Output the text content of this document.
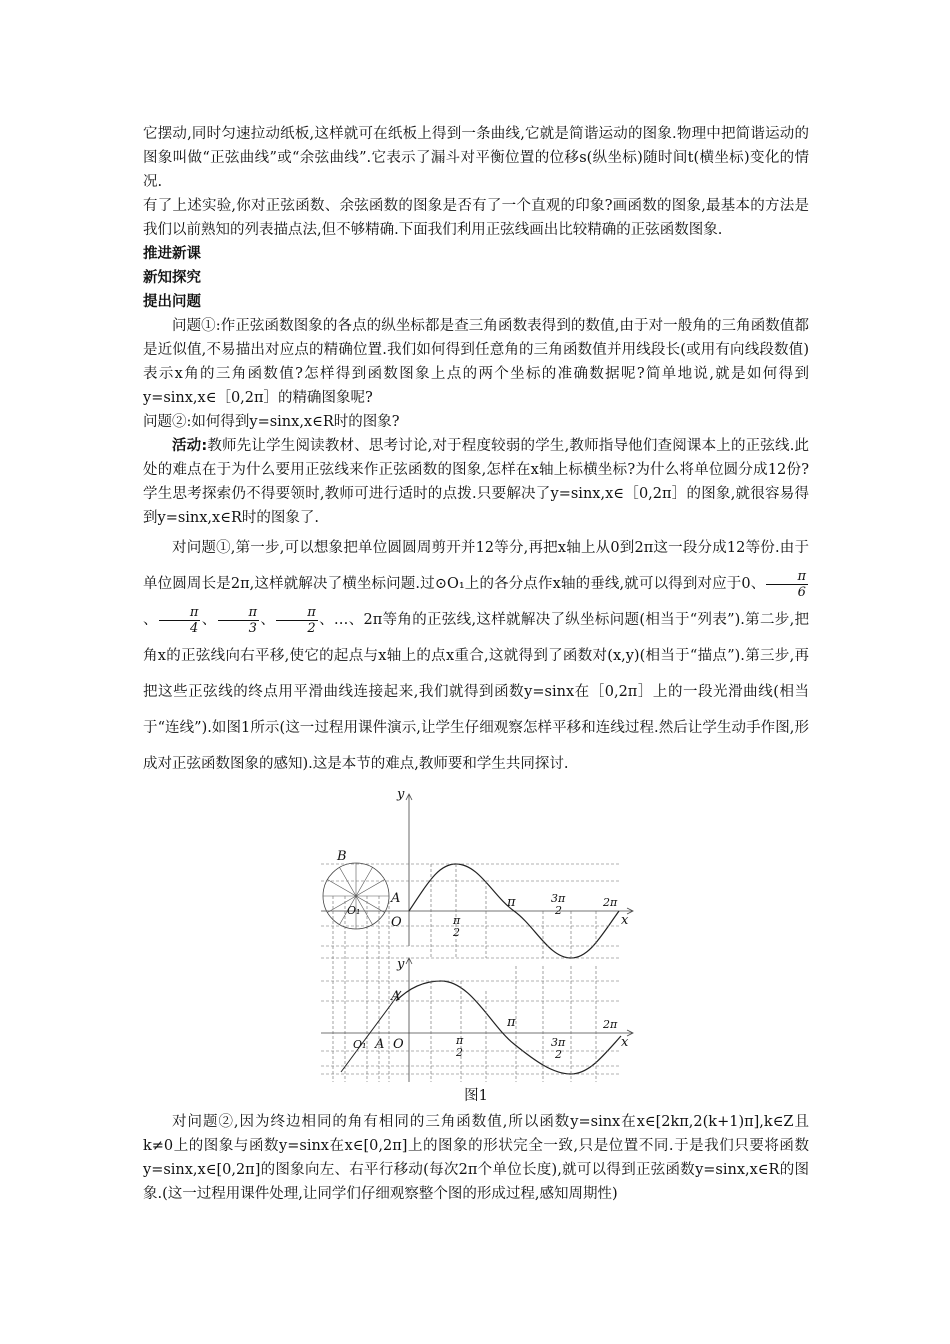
它摆动,同时匀速拉动纸板,这样就可在纸板上得到一条曲线,它就是简谐运动的图象.物理中把简谐运动的图象叫做“正弦曲线”或“余弦曲线”.它表示了漏斗对平衡位置的位移s(纵坐标)随时间t(横坐标)变化的情况.

有了上述实验,你对正弦函数、余弦函数的图象是否有了一个直观的印象?画函数的图象,最基本的方法是我们以前熟知的列表描点法,但不够精确.下面我们利用正弦线画出比较精确的正弦函数图象.

推进新课

新知探究

提出问题

问题①:作正弦函数图象的各点的纵坐标都是查三角函数表得到的数值,由于对一般角的三角函数值都是近似值,不易描出对应点的精确位置.我们如何得到任意角的三角函数值并用线段长(或用有向线段数值)表示x角的三角函数值?怎样得到函数图象上点的两个坐标的准确数据呢?简单地说,就是如何得到y=sinx,x∈［0,2π］的精确图象呢?

问题②:如何得到y=sinx,x∈R时的图象?

活动:教师先让学生阅读教材、思考讨论,对于程度较弱的学生,教师指导他们查阅课本上的正弦线.此处的难点在于为什么要用正弦线来作正弦函数的图象,怎样在x轴上标横坐标?为什么将单位圆分成12份?学生思考探索仍不得要领时,教师可进行适时的点拨.只要解决了y=sinx,x∈［0,2π］的图象,就很容易得到y=sinx,x∈R时的图象了.

对问题①,第一步,可以想象把单位圆圆周剪开并12等分,再把x轴上从0到2π这一段分成12等份.由于单位圆周长是2π,这样就解决了横坐标问题.过⊙O₁上的各分点作x轴的垂线,就可以得到对应于0、 $\frac{\pi}{6}$
、 $\frac{\pi}{4}$ 、 $\frac{\pi}{3}$ 、 $\frac{\pi}{2}$ 、…、2π等角的正弦线,这样就解决了纵坐标问题(相当于“列表”).第二步,把角x的正弦线向右平移,使它的起点与x轴上的点x重合,这就得到了函数对(x,y)(相当于“描点”).第三步,再把这些正弦线的终点用平滑曲线连接起来,我们就得到函数y=sinx在［0,2π］上的一段光滑曲线(相当于“连线”).如图1所示(这一过程用课件演示,让学生仔细观察怎样平移和连线过程.然后让学生动手作图,形成对正弦函数图象的感知).这是本节的难点,教师要和学生共同探讨.

B
y
A
O₁
O
π	3π
2
2π
π
2
x
y
A
O₁ A O	π
2
π
3π
2
2π
x

图1

对问题②,因为终边相同的角有相同的三角函数值,所以函数y=sinx在x∈[2kπ,2(k+1)π],k∈Z且k≠0上的图象与函数y=sinx在x∈[0,2π]上的图象的形状完全一致,只是位置不同.于是我们只要将函数y=sinx,x∈[0,2π]的图象向左、右平行移动(每次2π个单位长度),就可以得到正弦函数y=sinx,x∈R的图象.(这一过程用课件处理,让同学们仔细观察整个图的形成过程,感知周期性)
